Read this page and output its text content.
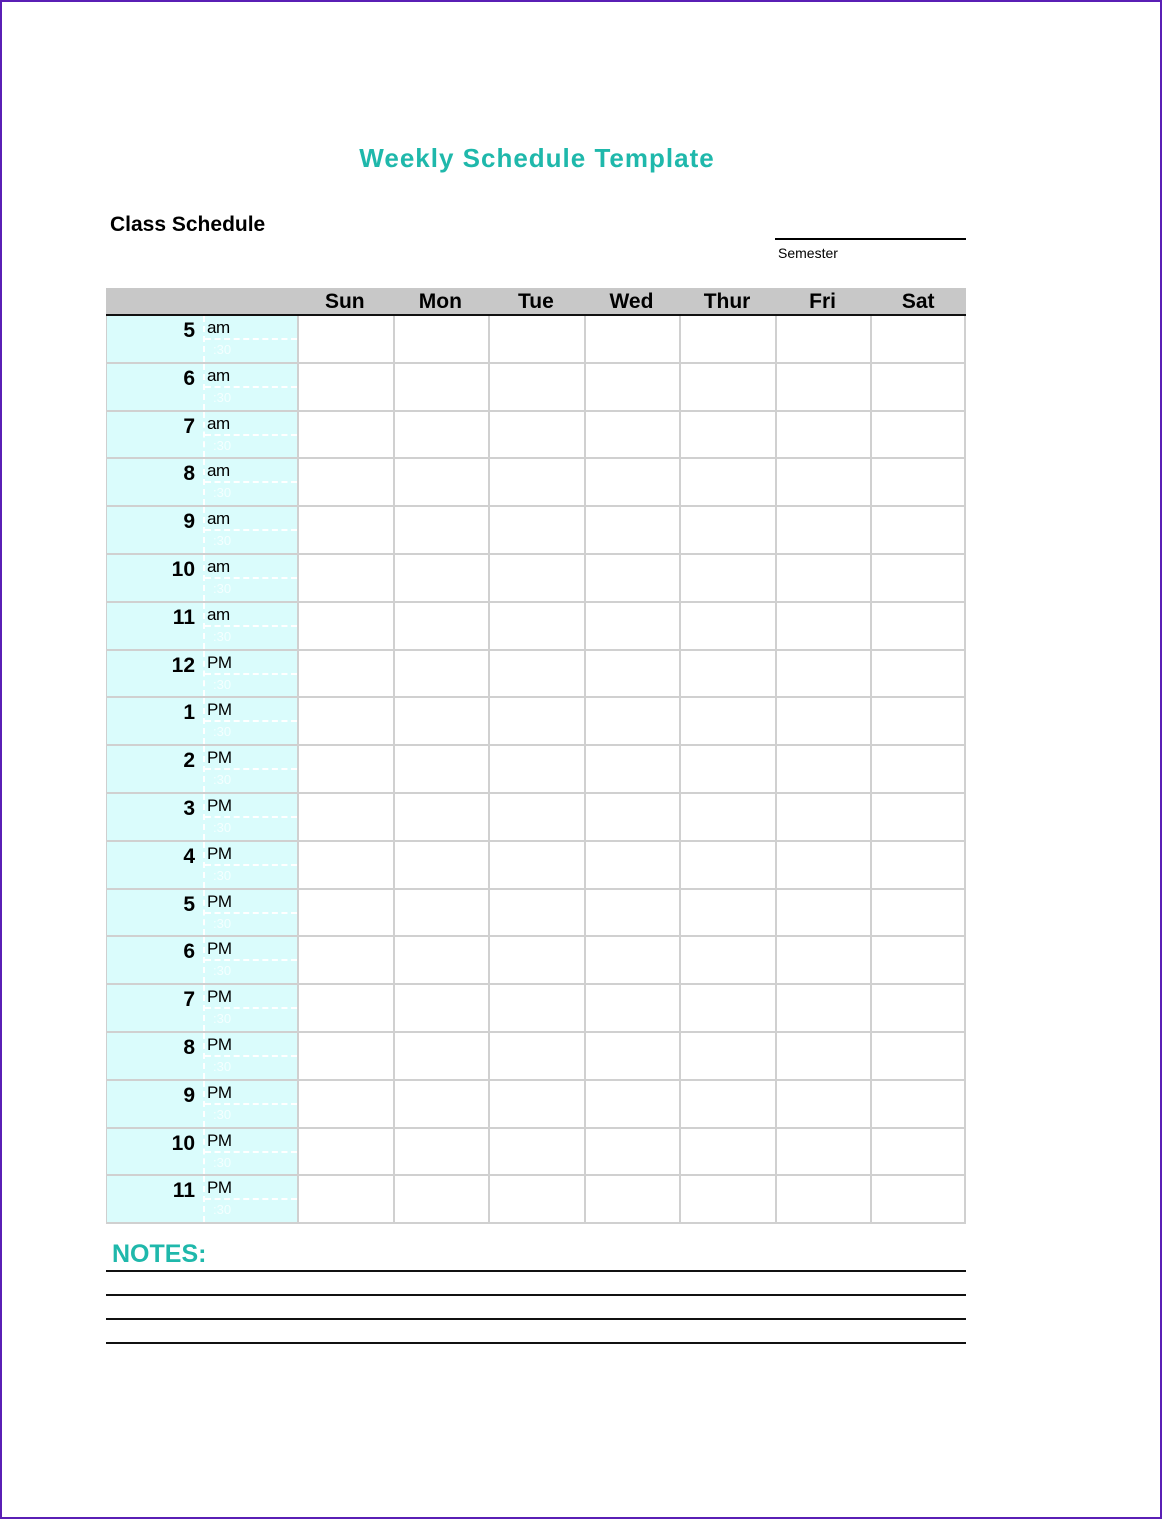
Weekly Schedule Template
Class Schedule
Semester
Sun	Mon	Tue	Wed	Thur	Fri	Sat
5 am
:30
6 am
:30
7 am
:30
8 am
:30
9 am
:30
10 am
:30
11 am
:30
12 PM
:30
1 PM
:30
2 PM
:30
3 PM
:30
4 PM
:30
5 PM
:30
6 PM
:30
7 PM
:30
8 PM
:30
9 PM
:30
10 PM
:30
11 PM
:30
NOTES:
